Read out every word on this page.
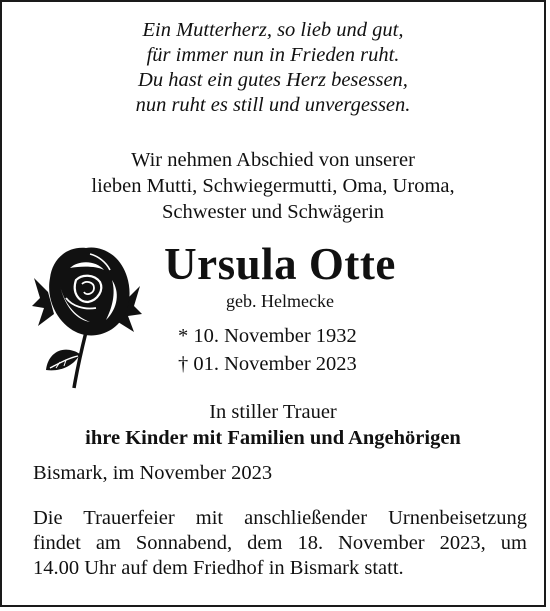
Ein Mutterherz, so lieb und gut,
für immer nun in Frieden ruht.
Du hast ein gutes Herz besessen,
nun ruht es still und unvergessen.
Wir nehmen Abschied von unserer
lieben Mutti, Schwiegermutti, Oma, Uroma,
Schwester und Schwägerin
Ursula Otte
geb. Helmecke
* 10. November 1932
† 01. November 2023
In stiller Trauer
ihre Kinder mit Familien und Angehörigen
Bismark, im November 2023
Die Trauerfeier mit anschließender Urnenbeisetzung
findet am Sonnabend, dem 18. November 2023, um
14.00 Uhr auf dem Friedhof in Bismark statt.
